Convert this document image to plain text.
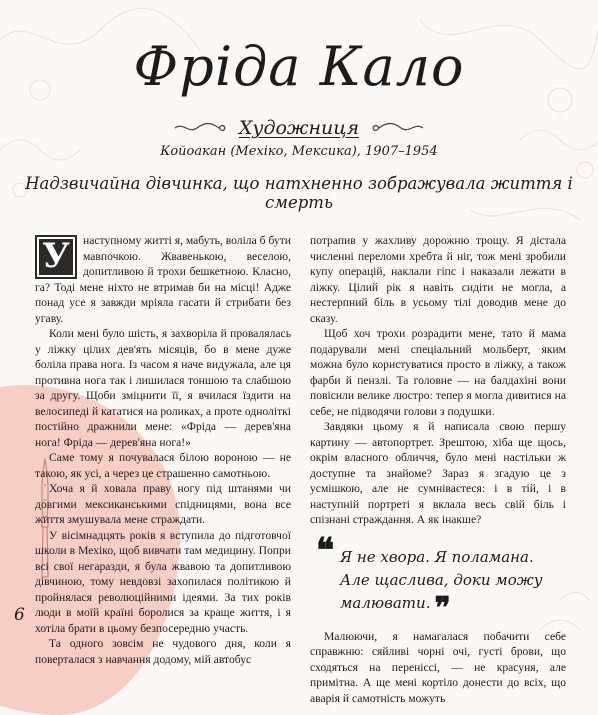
Фріда Кало
Художниця
Койоакан (Мехіко, Мексика), 1907–1954
Надзвичайна дівчинка, що натхненно зображувала життя і смерть

У	наступному житті я, мабуть, воліла б бути мавпочкою. Жвавенькою, веселою, допитливою й трохи бешкетною. Класно, га? Тоді мене ніхто не втримав би на місці! Адже понад усе я завжди мріяла гасати й стрибати без угаву.

Коли мені було шість, я захворіла й провалялась у ліжку цілих дев'ять місяців, бо в мене дуже боліла права нога. Із часом я наче видужала, але ця противна нога так і лишилася тоншою та слабшою за другу. Щоби зміцнити її, я вчилася їздити на велосипеді й кататися на роликах, а проте одноліткі постійно дражнили мене: «Фріда — дерев'яна нога! Фріда — дерев'яна нога!»

Саме тому я почувалася білою вороною — не такою, як усі, а через це страшенно самотньою.

Хоча я й ховала праву ногу під штанями чи довгими мексиканськими спідницями, вона все життя змушувала мене страждати.

У вісімнадцять років я вступила до підготовчої школи в Мехіко, щоб вивчати там медицину. Попри всі свої негаразди, я була жвавою та допитливою дівчиною, тому невдовзі захопилася політикою й пройнялася революційними ідеями. За тих років люди в моїй країні боролися за краще життя, і я хотіла брати в цьому безпосередню участь.

Та одного зовсім не чудового дня, коли я поверталася з навчання додому, мій автобус

потрапив у жахливу дорожню трощу. Я дістала численні переломи хребта й ніг, тож мені зробили купу операцій, наклали гіпс і наказали лежати в ліжку. Цілий рік я навіть сидіти не могла, а нестерпний біль в усьому тілі доводив мене до сказу.

Щоб хоч трохи розрадити мене, тато й мама подарували мені спеціальний мольберт, яким можна було користуватися просто в ліжку, а також фарби й пензлі. Та головне — на балдахіні вони повісили велике люстро: тепер я могла дивитися на себе, не підводячи голови з подушки.

Завдяки цьому я й написала свою першу картину — автопортрет. Зрештою, хіба ще щось, окрім власного обличчя, було мені настільки ж доступне та знайоме? Зараз я згадую це з усмішкою, але не сумніваєтеся: і в тій, і в наступній портреті я вклала весь свій біль і спізнані страждання. А як інакше?

❝ Я не хвора. Я поламана. Але щаслива, доки можу малювати. ❞

Малюючи, я намагалася побачити себе справжню: сяйливі чорні очі, густі брови, що сходяться на переніссі, — не красуня, але примітна. А ще мені кортіло донести до всіх, що аварія й самотність можуть

6
